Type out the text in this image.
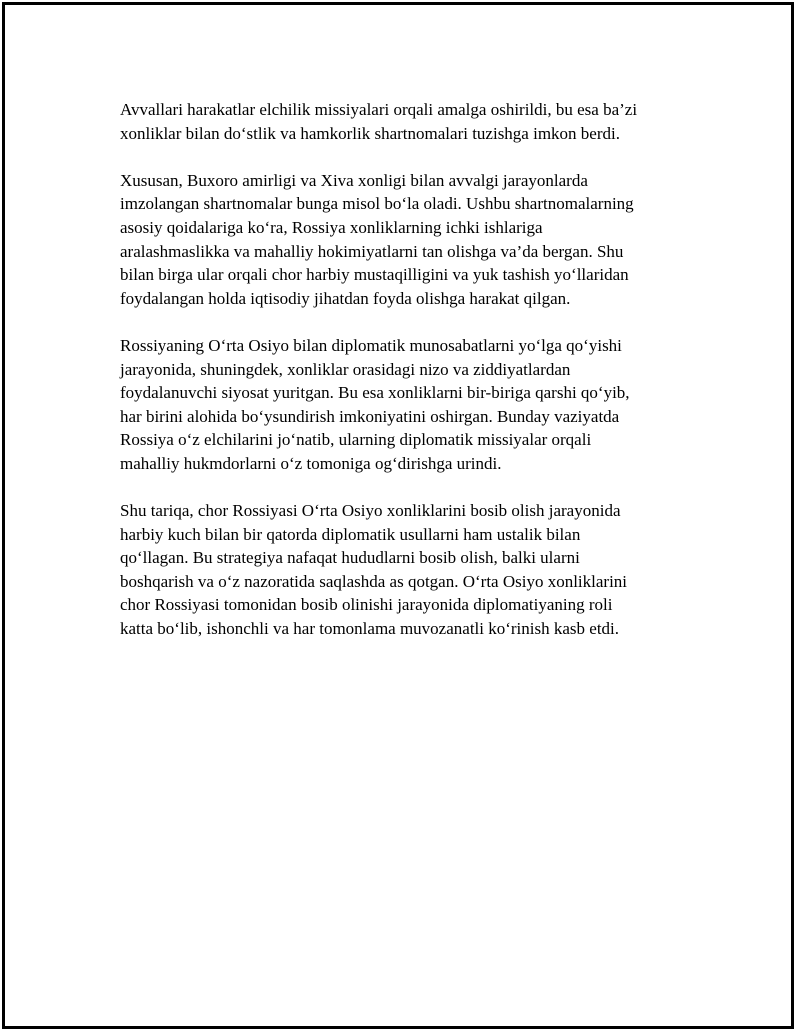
Avvallari harakatlar elchilik missiyalari orqali amalga oshirildi, bu esa ba’zi
xonliklar bilan do‘stlik va hamkorlik shartnomalari tuzishga imkon berdi.

Xususan, Buxoro amirligi va Xiva xonligi bilan avvalgi jarayonlarda
imzolangan shartnomalar bunga misol bo‘la oladi. Ushbu shartnomalarning
asosiy qoidalariga ko‘ra, Rossiya xonliklarning ichki ishlariga
aralashmaslikka va mahalliy hokimiyatlarni tan olishga va’da bergan. Shu
bilan birga ular orqali chor harbiy mustaqilligini va yuk tashish yo‘llaridan
foydalangan holda iqtisodiy jihatdan foyda olishga harakat qilgan.

Rossiyaning O‘rta Osiyo bilan diplomatik munosabatlarni yo‘lga qo‘yishi
jarayonida, shuningdek, xonliklar orasidagi nizo va ziddiyatlardan
foydalanuvchi siyosat yuritgan. Bu esa xonliklarni bir-biriga qarshi qo‘yib,
har birini alohida bo‘ysundirish imkoniyatini oshirgan. Bunday vaziyatda
Rossiya o‘z elchilarini jo‘natib, ularning diplomatik missiyalar orqali
mahalliy hukmdorlarni o‘z tomoniga og‘dirishga urindi.

Shu tariqa, chor Rossiyasi O‘rta Osiyo xonliklarini bosib olish jarayonida
harbiy kuch bilan bir qatorda diplomatik usullarni ham ustalik bilan
qo‘llagan. Bu strategiya nafaqat hududlarni bosib olish, balki ularni
boshqarish va o‘z nazoratida saqlashda as qotgan. O‘rta Osiyo xonliklarini
chor Rossiyasi tomonidan bosib olinishi jarayonida diplomatiyaning roli
katta bo‘lib, ishonchli va har tomonlama muvozanatli ko‘rinish kasb etdi.
